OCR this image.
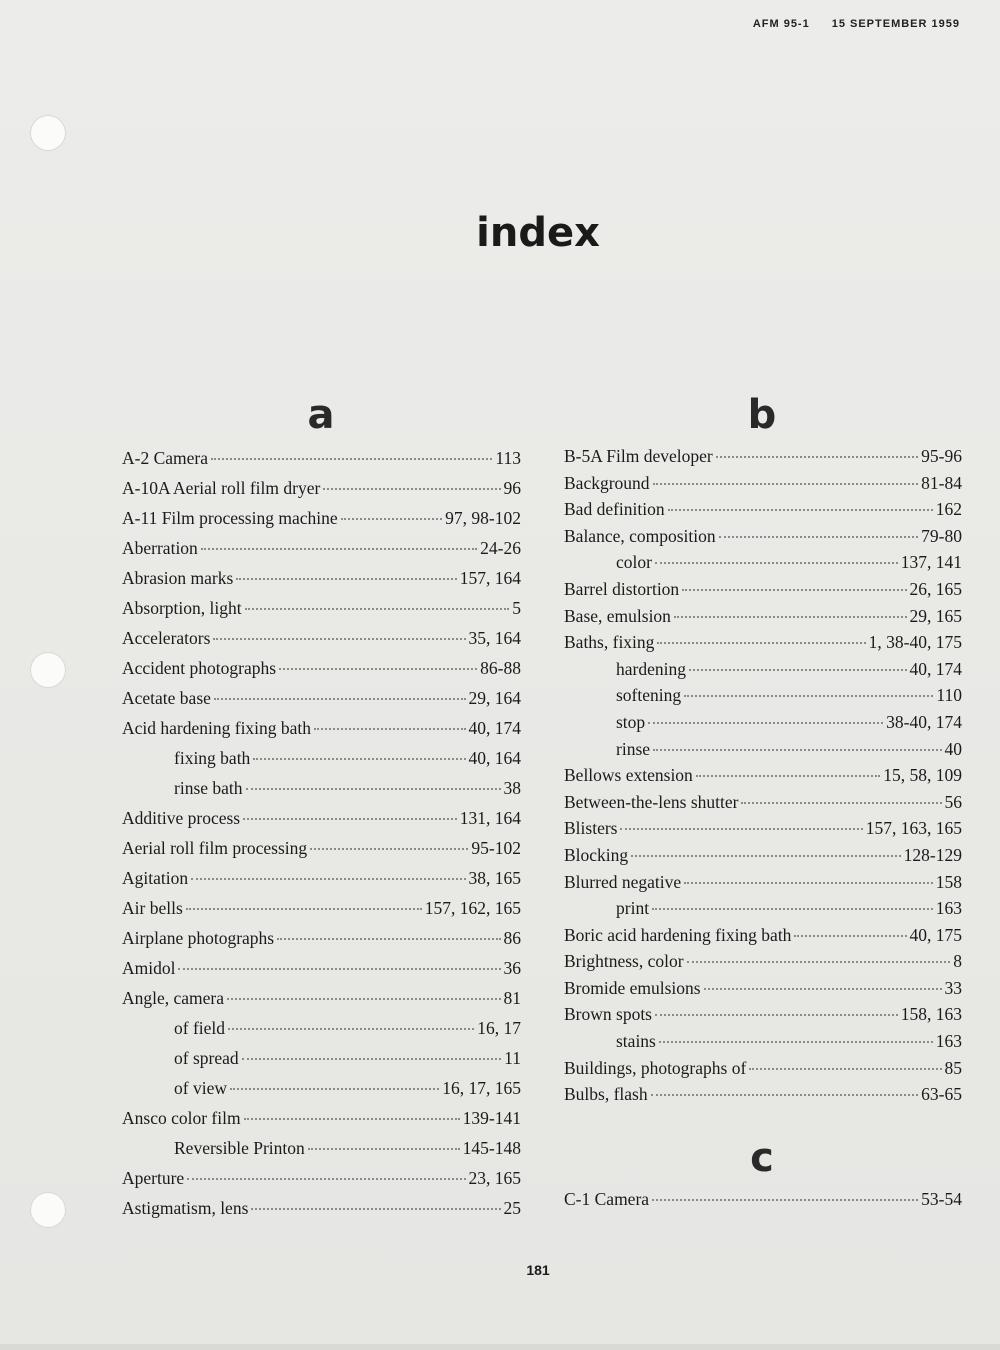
AFM 95-1 15 SEPTEMBER 1959
index
a	b
c
A-2 Camera	113
A-10A Aerial roll film dryer	96
A-11 Film processing machine	97, 98-102
Aberration	24-26
Abrasion marks	157, 164
Absorption, light	5
Accelerators	35, 164
Accident photographs	86-88
Acetate base	29, 164
Acid hardening fixing bath	40, 174
fixing bath	40, 164
rinse bath	38
Additive process	131, 164
Aerial roll film processing	95-102
Agitation	38, 165
Air bells	157, 162, 165
Airplane photographs	86
Amidol	36
Angle, camera	81
of field	16, 17
of spread	11
of view	16, 17, 165
Ansco color film	139-141
Reversible Printon	145-148
Aperture	23, 165
Astigmatism, lens	25
B-5A Film developer	95-96
Background	81-84
Bad definition	162
Balance, composition	79-80
color	137, 141
Barrel distortion	26, 165
Base, emulsion	29, 165
Baths, fixing	1, 38-40, 175
hardening	40, 174
softening	110
stop	38-40, 174
rinse	40
Bellows extension	15, 58, 109
Between-the-lens shutter	56
Blisters	157, 163, 165
Blocking	128-129
Blurred negative	158
print	163
Boric acid hardening fixing bath	40, 175
Brightness, color	8
Bromide emulsions	33
Brown spots	158, 163
stains	163
Buildings, photographs of	85
Bulbs, flash	63-65
C-1 Camera	53-54
181
